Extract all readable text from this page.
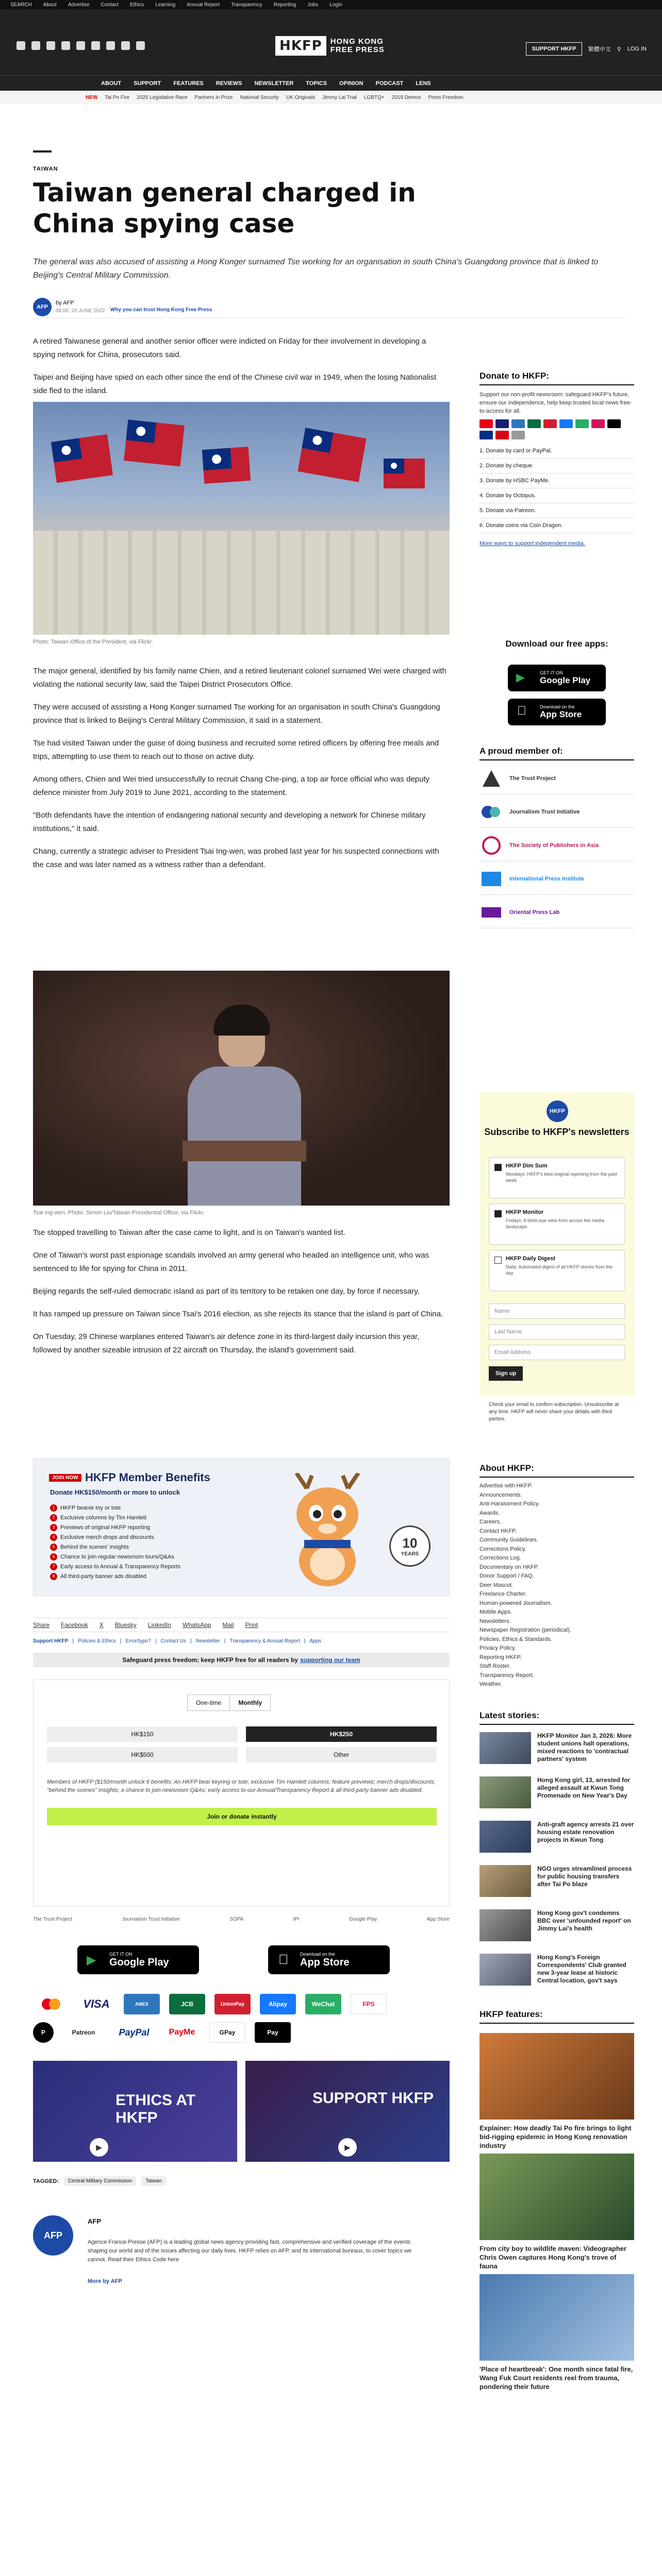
SEARCH About Advertise Contact Ethics Learning Annual Report Transparency Reporting Jobs Login
HKFP	HONG KONG
FREE PRESS	SUPPORT HKFP	繁體中文 ⚲ LOG IN
ABOUT SUPPORT FEATURES REVIEWS NEWSLETTER TOPICS OPINION PODCAST LENS
NEW Tai Po Fire 2025 Legislative Race Partners in Prize National Security UK Originals Jimmy Lai Trial LGBTQ+ 2019 Demos Press Freedom
TAIWAN
Taiwan general charged in China spying case

The general was also accused of assisting a Hong Konger surnamed Tse working for an organisation in south China's Guangdong province that is linked to Beijing's Central Military Commission.

AFP
by AFP
08:00, 20 JUNE 2022 Why you can trust Hong Kong Free Press

A retired Taiwanese general and another senior officer were indicted on Friday for their involvement in developing a spying network for China, prosecutors said.

Taipei and Beijing have spied on each other since the end of the Chinese civil war in 1949, when the losing Nationalist side fled to the island.

Photo: Taiwan Office of the President, via Flickr.

The major general, identified by his family name Chien, and a retired lieutenant colonel surnamed Wei were charged with violating the national security law, said the Taipei District Prosecutors Office.

They were accused of assisting a Hong Konger surnamed Tse working for an organisation in south China's Guangdong province that is linked to Beijing's Central Military Commission, it said in a statement.

Tse had visited Taiwan under the guise of doing business and recruited some retired officers by offering free meals and trips, attempting to use them to reach out to those on active duty.

Among others, Chien and Wei tried unsuccessfully to recruit Chang Che-ping, a top air force official who was deputy defence minister from July 2019 to June 2021, according to the statement.

"Both defendants have the intention of endangering national security and developing a network for Chinese military institutions," it said.

Chang, currently a strategic adviser to President Tsai Ing-wen, was probed last year for his suspected connections with the case and was later named as a witness rather than a defendant.

Tsai Ing-wen. Photo: Simon Liu/Taiwan Presidential Office, via Flickr.

Tse stopped travelling to Taiwan after the case came to light, and is on Taiwan's wanted list.

One of Taiwan's worst past espionage scandals involved an army general who headed an intelligence unit, who was sentenced to life for spying for China in 2011.

Beijing regards the self-ruled democratic island as part of its territory to be retaken one day, by force if necessary.

It has ramped up pressure on Taiwan since Tsai's 2016 election, as she rejects its stance that the island is part of China.

On Tuesday, 29 Chinese warplanes entered Taiwan's air defence zone in its third-largest daily incursion this year, followed by another sizeable intrusion of 22 aircraft on Thursday, the island's government said.

JOIN NOW HKFP Member Benefits
Donate HK$150/month or more to unlock
1 HKFP beanie toy or tote
2 Exclusive columns by Tim Hamlett
3 Previews of original HKFP reporting
4 Exclusive merch drops and discounts
5 Behind the scenes' insights
6 Chance to join regular newsroom tours/Q&As
7 Early access to Annual & Transparency Reports
8 All third-party banner ads disabled
10
YEARS
Share Facebook X Bluesky LinkedIn WhatsApp Mail Print
Support HKFP | Policies & Ethics | Error/typo? | Contact Us | Newsletter | Transparency & Annual Report | Apps
Safeguard press freedom; keep HKFP free for all readers by supporting our team
One-time	Monthly
HK$150	HK$250
HK$500	Other

Members of HKFP ($150/month unlock 6 benefits: An HKFP bear keyring or tote; exclusive Tim Hamlett columns; feature previews; merch drops/discounts; "behind the scenes" insights; a chance to join newsroom Q&As; early access to our Annual/Transparency Report & all third-party banner ads disabled.

Join or donate instantly
The Trust Project	Journalism Trust Initiative	SOPA	IPI	Google Play	App Store
▶	GET IT ON
Google Play
Download on the
App Store
VISA	AMEX	JCB	UnionPay	Alipay	WeChat	FPS
P	Patreon	PayPal	PayMe	GPay	Pay
ETHICS AT HKFP
▶
SUPPORT HKFP
▶
TAGGED:	Central Military Commission	Taiwan
AFP
AFP

Agence France-Presse (AFP) is a leading global news agency providing fast, comprehensive and verified coverage of the events shaping our world and of the issues affecting our daily lives. HKFP relies on AFP, and its international bureaux, to cover topics we cannot. Read their Ethics Code here

More by AFP
Donate to HKFP:

Support our non-profit newsroom: safeguard HKFP's future, ensure our independence, help keep trusted local news free-to-access for all.

1. Donate by card or PayPal.
2. Donate by cheque.
3. Donate by HSBC PayMe.
4. Donate by Octopus.
5. Donate via Patreon.
6. Donate coins via Coin Dragon.
More ways to support independent media.
Download our free apps:
▶	GET IT ON
Google Play
Download on the
App Store
A proud member of:
The Trust Project
Journalism Trust Initiative
The Society of Publishers in Asia
International Press Institute
Oriental Press Lab
HKFP
Subscribe to HKFP's newsletters
HKFP Dim Sum
Mondays: HKFP's best original reporting from the past week.
HKFP Monitor
Fridays: A birds-eye view from across the media landscape.
HKFP Daily Digest
Daily: Automated digest of all HKFP stories from the day.
Name
Last Name
Email Address
Sign up

Check your email to confirm subscription. Unsubscribe at any time. HKFP will never share your details with third parties.

About HKFP:
Advertise with HKFP.
Announcements.
Anti-Harassment Policy.
Awards.
Careers.
Contact HKFP.
Community Guidelines.
Corrections Policy.
Corrections Log.
Documentary on HKFP.
Donor Support / FAQ.
Deer Mascot.
Freelance Charter.
Human-powered Journalism.
Mobile Apps.
Newsletters.
Newspaper Registration (periodical).
Policies, Ethics & Standards.
Privacy Policy.
Reporting HKFP.
Staff Roster.
Transparency Report.
Weather.
Latest stories:
HKFP Monitor Jan 3, 2026: More student unions halt operations, mixed reactions to 'contractual partners' system
Hong Kong girl, 13, arrested for alleged assault at Kwun Tong Promenade on New Year's Day
Anti-graft agency arrests 21 over housing estate renovation projects in Kwun Tong
NGO urges streamlined process for public housing transfers after Tai Po blaze
Hong Kong gov't condemns BBC over 'unfounded report' on Jimmy Lai's health
Hong Kong's Foreign Correspondents' Club granted new 3-year lease at historic Central location, gov't says
HKFP features:
Explainer: How deadly Tai Po fire brings to light bid-rigging epidemic in Hong Kong renovation industry
From city boy to wildlife maven: Videographer Chris Owen captures Hong Kong's trove of fauna
'Place of heartbreak': One month since fatal fire, Wang Fuk Court residents reel from trauma, pondering their future
